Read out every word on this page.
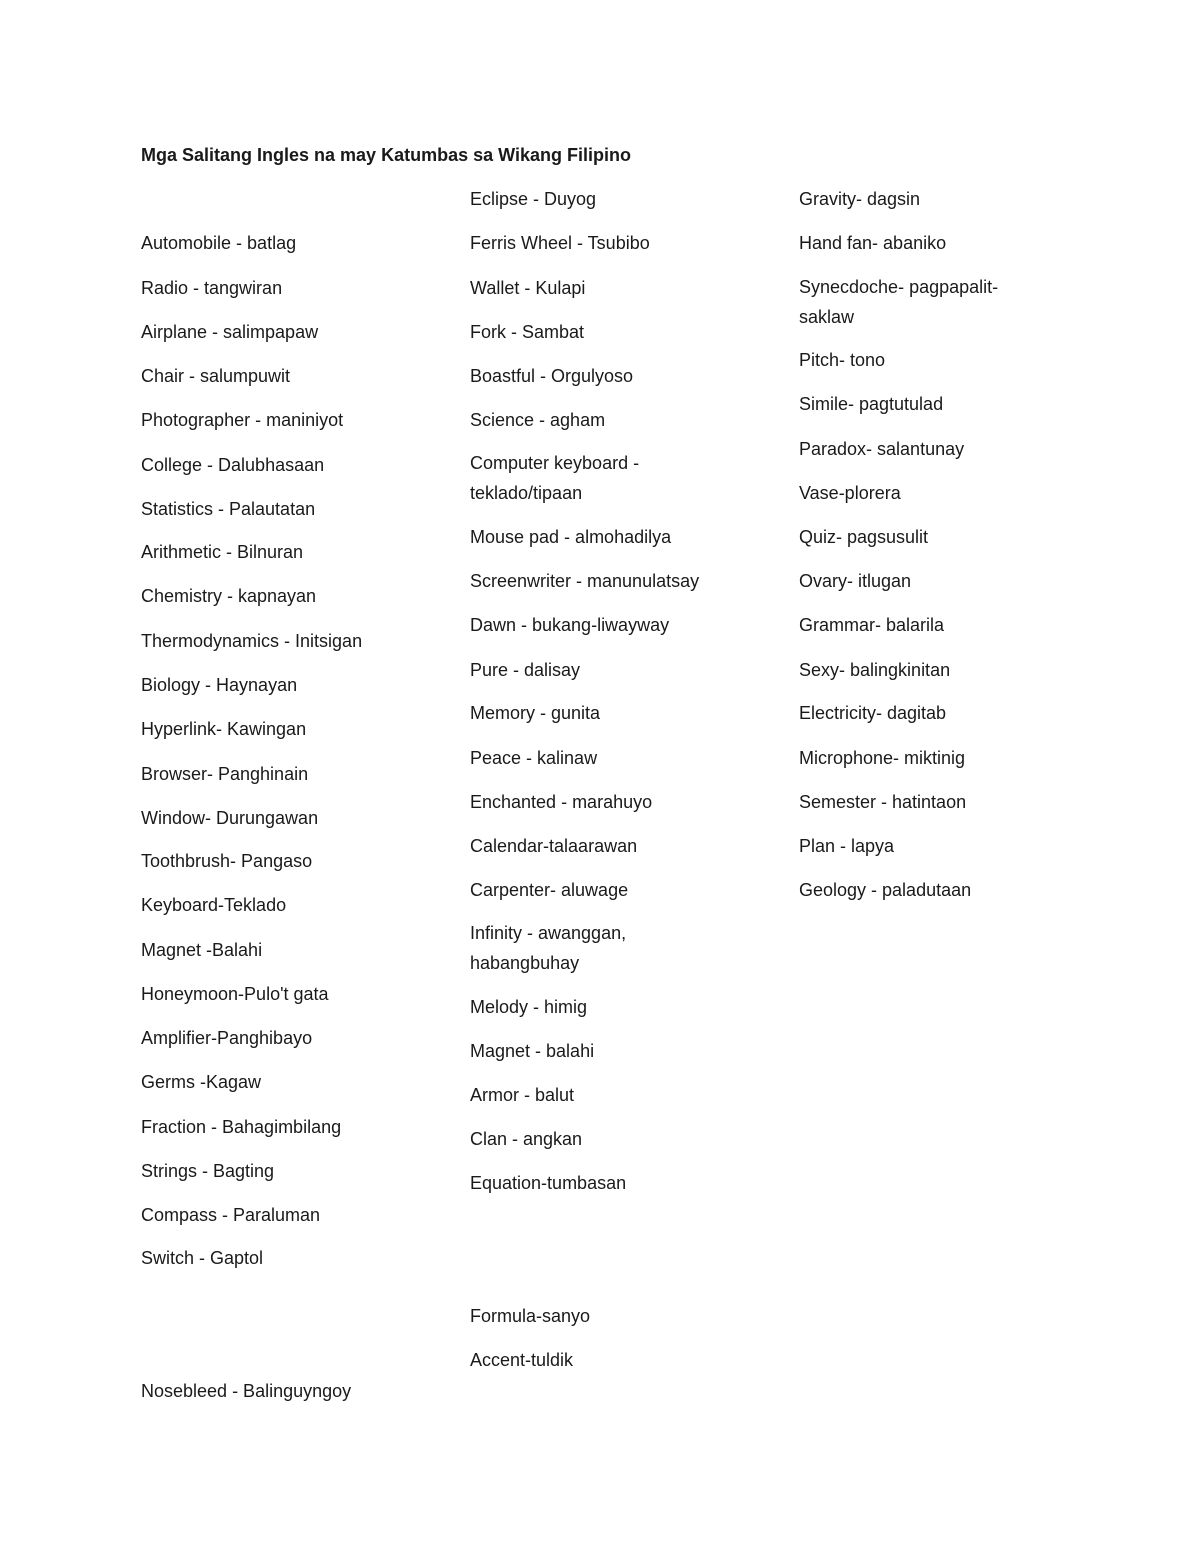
Mga Salitang Ingles na may Katumbas sa Wikang Filipino
Automobile - batlag
Radio - tangwiran
Airplane - salimpapaw
Chair - salumpuwit
Photographer - maniniyot
College - Dalubhasaan
Statistics - Palautatan
Arithmetic - Bilnuran
Chemistry - kapnayan
Thermodynamics - Initsigan
Biology - Haynayan
Hyperlink- Kawingan
Browser- Panghinain
Window- Durungawan
Toothbrush- Pangaso
Keyboard-Teklado
Magnet -Balahi
Honeymoon-Pulo't gata
Amplifier-Panghibayo
Germs -Kagaw
Fraction - Bahagimbilang
Strings - Bagting
Compass - Paraluman
Switch - Gaptol
Nosebleed - Balinguyngoy
Eclipse - Duyog
Ferris Wheel - Tsubibo
Wallet - Kulapi
Fork - Sambat
Boastful - Orgulyoso
Science - agham
Computer keyboard - teklado/tipaan
Mouse pad - almohadilya
Screenwriter - manunulatsay
Dawn - bukang-liwayway
Pure - dalisay
Memory - gunita
Peace - kalinaw
Enchanted - marahuyo
Calendar-talaarawan
Carpenter- aluwage
Infinity - awanggan, habangbuhay
Melody - himig
Magnet - balahi
Armor - balut
Clan - angkan
Equation-tumbasan
Formula-sanyo
Accent-tuldik
Gravity- dagsin
Hand fan- abaniko
Synecdoche- pagpapalit-saklaw
Pitch- tono
Simile- pagtutulad
Paradox- salantunay
Vase-plorera
Quiz- pagsusulit
Ovary- itlugan
Grammar- balarila
Sexy- balingkinitan
Electricity- dagitab
Microphone- miktinig
Semester - hatintaon
Plan - lapya
Geology - paladutaan
